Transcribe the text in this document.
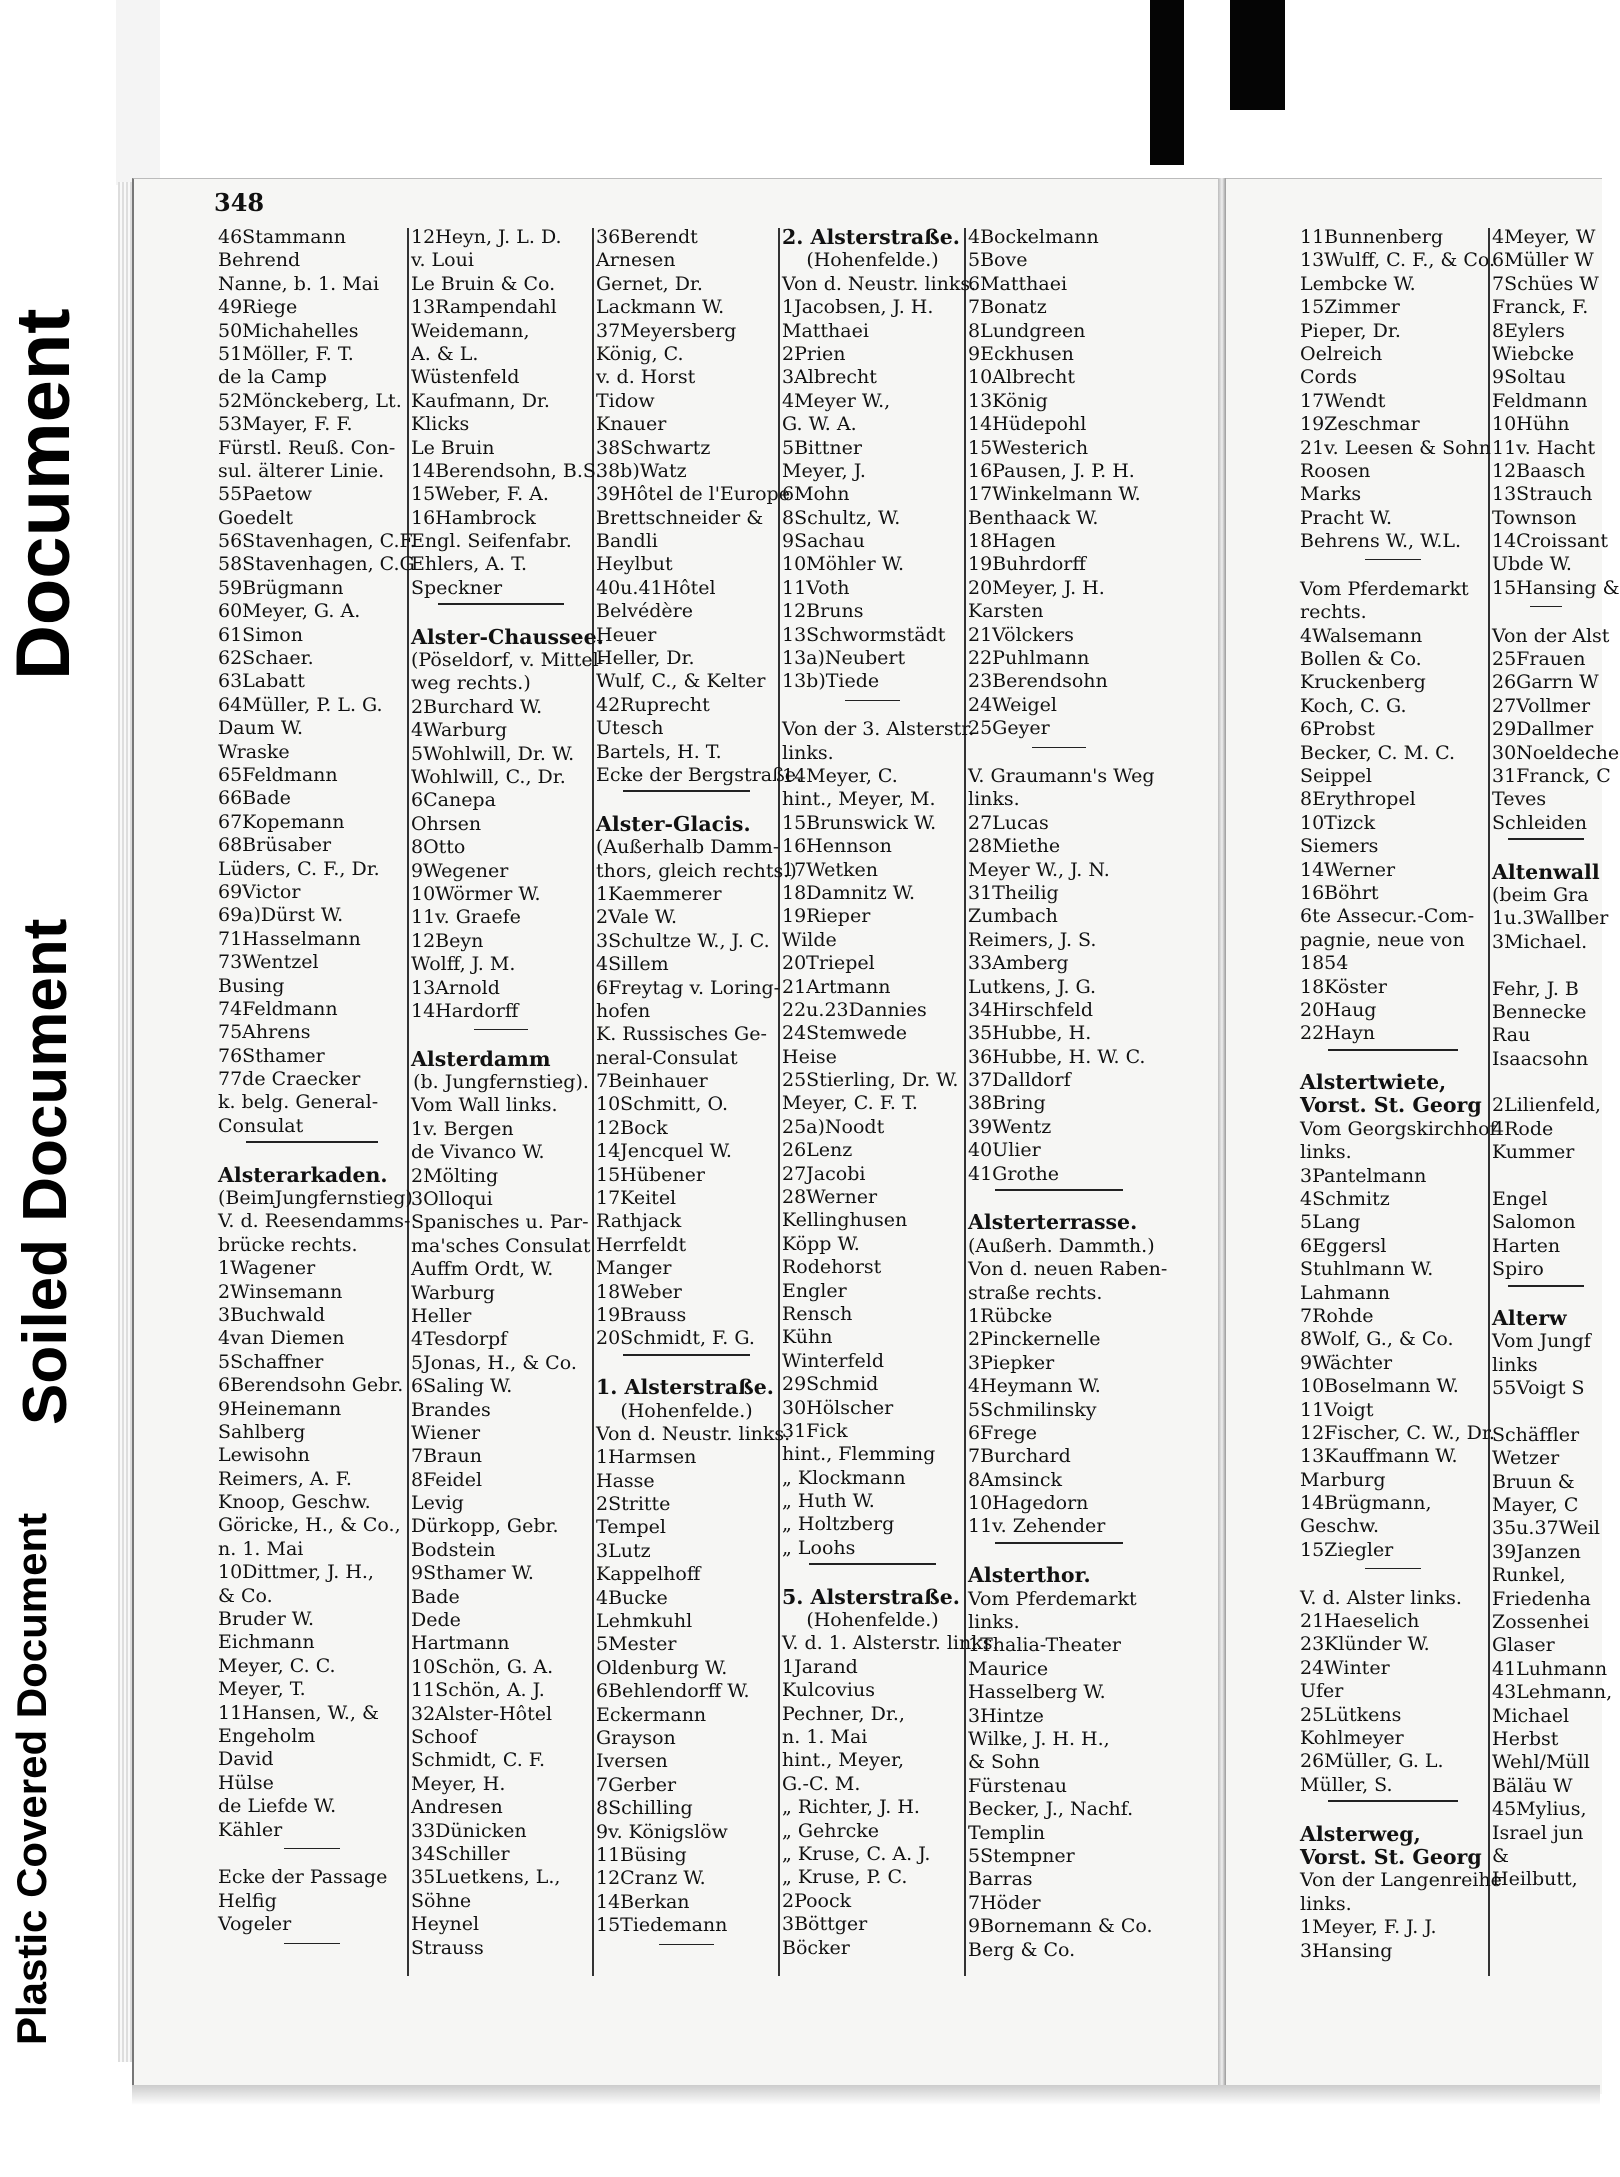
Plastic Covered Document
Soiled Document
Document
348
46Stammann
Behrend
Nanne, b. 1. Mai
49Riege
50Michahelles
51Möller, F. T.
de la Camp
52Mönckeberg, Lt.
53Mayer, F. F.
Fürstl. Reuß. Con-
sul. älterer Linie.
55Paetow
Goedelt
56Stavenhagen, C.F.
58Stavenhagen, C.G
59Brügmann
60Meyer, G. A.
61Simon
62Schaer.
63Labatt
64Müller, P. L. G.
Daum W.
Wraske
65Feldmann
66Bade
67Kopemann
68Brüsaber
Lüders, C. F., Dr.
69Victor
69a)Dürst W.
71Hasselmann
73Wentzel
Busing
74Feldmann
75Ahrens
76Sthamer
77de Craecker
k. belg. General-
Consulat
Alsterarkaden.
(BeimJungfernstieg)
V. d. Reesendamms-
brücke rechts.
1Wagener
2Winsemann
3Buchwald
4van Diemen
5Schaffner
6Berendsohn Gebr.
9Heinemann
Sahlberg
Lewisohn
Reimers, A. F.
Knoop, Geschw.
Göricke, H., & Co.,
n. 1. Mai
10Dittmer, J. H.,
& Co.
Bruder W.
Eichmann
Meyer, C. C.
Meyer, T.
11Hansen, W., &
Engeholm
David
Hülse
de Liefde W.
Kähler
Ecke der Passage
Helfig
Vogeler
12Heyn, J. L. D.
v. Loui
Le Bruin & Co.
13Rampendahl
Weidemann,
A. & L.
Wüstenfeld
Kaufmann, Dr.
Klicks
Le Bruin
14Berendsohn, B.S.
15Weber, F. A.
16Hambrock
Engl. Seifenfabr.
Ehlers, A. T.
Speckner
Alster-Chaussee.
(Pöseldorf, v. Mittel-
weg rechts.)
2Burchard W.
4Warburg
5Wohlwill, Dr. W.
Wohlwill, C., Dr.
6Canepa
Ohrsen
8Otto
9Wegener
10Wörmer W.
11v. Graefe
12Beyn
Wolff, J. M.
13Arnold
14Hardorff
Alsterdamm
(b. Jungfernstieg).
Vom Wall links.
1v. Bergen
de Vivanco W.
2Mölting
3Olloqui
Spanisches u. Par-
ma'sches Consulat
Auffm Ordt, W.
Warburg
Heller
4Tesdorpf
5Jonas, H., & Co.
6Saling W.
Brandes
Wiener
7Braun
8Feidel
Levig
Dürkopp, Gebr.
Bodstein
9Sthamer W.
Bade
Dede
Hartmann
10Schön, G. A.
11Schön, A. J.
32Alster-Hôtel
Schoof
Schmidt, C. F.
Meyer, H.
Andresen
33Dünicken
34Schiller
35Luetkens, L.,
Söhne
Heynel
Strauss
36Berendt
Arnesen
Gernet, Dr.
Lackmann W.
37Meyersberg
König, C.
v. d. Horst
Tidow
Knauer
38Schwartz
38b)Watz
39Hôtel de l'Europe
Brettschneider &
Bandli
Heylbut
40u.41Hôtel
Belvédère
Heuer
Heller, Dr.
Wulf, C., & Kelter
42Ruprecht
Utesch
Bartels, H. T.
Ecke der Bergstraße.
Alster-Glacis.
(Außerhalb Damm-
thors, gleich rechts.)
1Kaemmerer
2Vale W.
3Schultze W., J. C.
4Sillem
6Freytag v. Loring-
hofen
K. Russisches Ge-
neral-Consulat
7Beinhauer
10Schmitt, O.
12Bock
14Jencquel W.
15Hübener
17Keitel
Rathjack
Herrfeldt
Manger
18Weber
19Brauss
20Schmidt, F. G.
1. Alsterstraße.
(Hohenfelde.)
Von d. Neustr. links.
1Harmsen
Hasse
2Stritte
Tempel
3Lutz
Kappelhoff
4Bucke
Lehmkuhl
5Mester
Oldenburg W.
6Behlendorff W.
Eckermann
Grayson
Iversen
7Gerber
8Schilling
9v. Königslöw
11Büsing
12Cranz W.
14Berkan
15Tiedemann
2. Alsterstraße.
(Hohenfelde.)
Von d. Neustr. links.
1Jacobsen, J. H.
Matthaei
2Prien
3Albrecht
4Meyer W.,
G. W. A.
5Bittner
Meyer, J.
6Mohn
8Schultz, W.
9Sachau
10Möhler W.
11Voth
12Bruns
13Schwormstädt
13a)Neubert
13b)Tiede
Von der 3. Alsterstr.
links.
14Meyer, C.
hint., Meyer, M.
15Brunswick W.
16Hennson
17Wetken
18Damnitz W.
19Rieper
Wilde
20Triepel
21Artmann
22u.23Dannies
24Stemwede
Heise
25Stierling, Dr. W.
Meyer, C. F. T.
25a)Noodt
26Lenz
27Jacobi
28Werner
Kellinghusen
Köpp W.
Rodehorst
Engler
Rensch
Kühn
Winterfeld
29Schmid
30Hölscher
31Fick
hint., Flemming
„ Klockmann
„ Huth W.
„ Holtzberg
„ Loohs
5. Alsterstraße.
(Hohenfelde.)
V. d. 1. Alsterstr. links.
1Jarand
Kulcovius
Pechner, Dr.,
n. 1. Mai
hint., Meyer,
G.-C. M.
„ Richter, J. H.
„ Gehrcke
„ Kruse, C. A. J.
„ Kruse, P. C.
2Poock
3Böttger
Böcker
4Bockelmann
5Bove
6Matthaei
7Bonatz
8Lundgreen
9Eckhusen
10Albrecht
13König
14Hüdepohl
15Westerich
16Pausen, J. P. H.
17Winkelmann W.
Benthaack W.
18Hagen
19Buhrdorff
20Meyer, J. H.
Karsten
21Völckers
22Puhlmann
23Berendsohn
24Weigel
25Geyer
V. Graumann's Weg
links.
27Lucas
28Miethe
Meyer W., J. N.
31Theilig
Zumbach
Reimers, J. S.
33Amberg
Lutkens, J. G.
34Hirschfeld
35Hubbe, H.
36Hubbe, H. W. C.
37Dalldorf
38Bring
39Wentz
40Ulier
41Grothe
Alsterterrasse.
(Außerh. Dammth.)
Von d. neuen Raben-
straße rechts.
1Rübcke
2Pinckernelle
3Piepker
4Heymann W.
5Schmilinsky
6Frege
7Burchard
8Amsinck
10Hagedorn
11v. Zehender
Alsterthor.
Vom Pferdemarkt
links.
1Thalia-Theater
Maurice
Hasselberg W.
3Hintze
Wilke, J. H. H.,
& Sohn
Fürstenau
Becker, J., Nachf.
Templin
5Stempner
Barras
7Höder
9Bornemann & Co.
Berg & Co.
11Bunnenberg
13Wulff, C. F., & Co.
Lembcke W.
15Zimmer
Pieper, Dr.
Oelreich
Cords
17Wendt
19Zeschmar
21v. Leesen & Sohn
Roosen
Marks
Pracht W.
Behrens W., W.L.
Vom Pferdemarkt
rechts.
4Walsemann
Bollen & Co.
Kruckenberg
Koch, C. G.
6Probst
Becker, C. M. C.
Seippel
8Erythropel
10Tizck
Siemers
14Werner
16Böhrt
6te Assecur.-Com-
pagnie, neue von
1854
18Köster
20Haug
22Hayn
Alstertwiete,
Vorst. St. Georg
Vom Georgskirchhof
links.
3Pantelmann
4Schmitz
5Lang
6Eggersl
Stuhlmann W.
Lahmann
7Rohde
8Wolf, G., & Co.
9Wächter
10Boselmann W.
11Voigt
12Fischer, C. W., Dr.
13Kauffmann W.
Marburg
14Brügmann,
Geschw.
15Ziegler
V. d. Alster links.
21Haeselich
23Klünder W.
24Winter
Ufer
25Lütkens
Kohlmeyer
26Müller, G. L.
Müller, S.
Alsterweg,
Vorst. St. Georg
Von der Langenreihe
links.
1Meyer, F. J. J.
3Hansing
4Meyer, W
6Müller W
7Schües W
Franck, F.
8Eylers
Wiebcke
9Soltau
Feldmann
10Hühn
11v. Hacht
12Baasch
13Strauch
Townson
14Croissant
Ubde W.
15Hansing &
Von der Alst
25Frauen
26Garrn W
27Vollmer
29Dallmer
30Noeldeche
31Franck, C
Teves
Schleiden
Altenwall
(beim Gra
1u.3Wallber
3Michael.
Fehr, J. B
Bennecke
Rau
Isaacsohn
2Lilienfeld,
4Rode
Kummer
Engel
Salomon
Harten
Spiro
Alterw
Vom Jungf
links
55Voigt S
Schäffler
Wetzer
Bruun &
Mayer, C
35u.37Weil
39Janzen
Runkel,
Friedenha
Zossenhei
Glaser
41Luhmann
43Lehmann,
Michael
Herbst
Wehl/Müll
Bäläu W
45Mylius,
Israel jun
&
Heilbutt,
